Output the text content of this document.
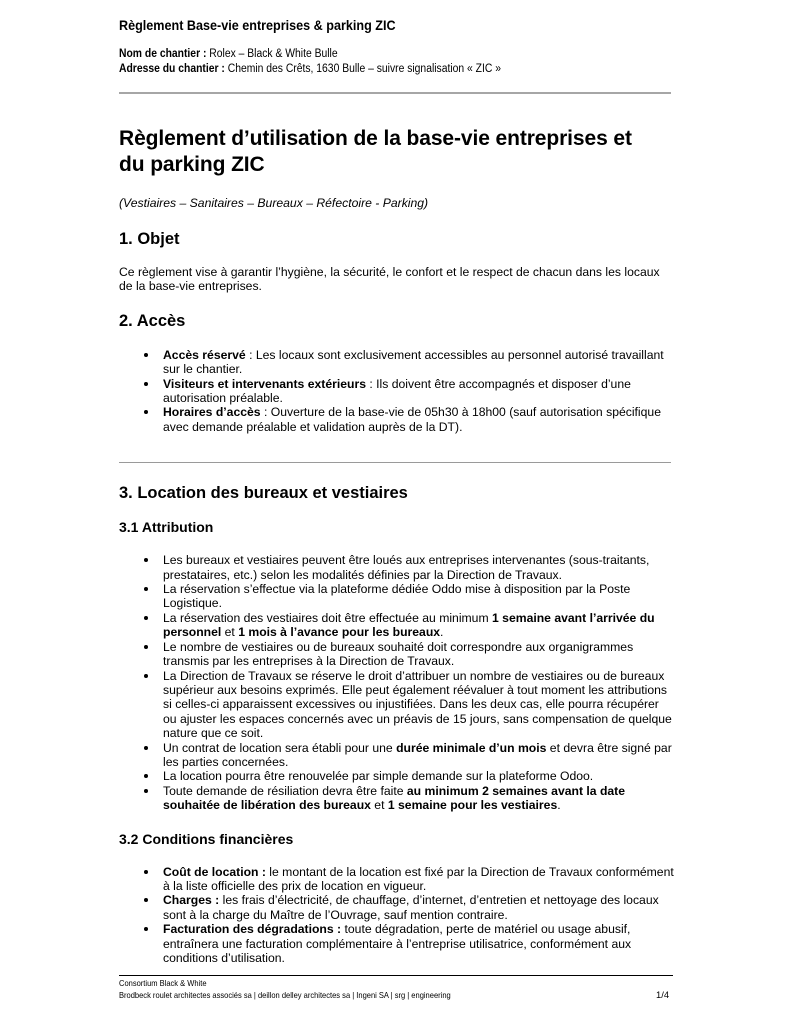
Règlement Base-vie entreprises & parking ZIC
Nom de chantier : Rolex – Black & White Bulle
Adresse du chantier : Chemin des Crêts, 1630 Bulle – suivre signalisation « ZIC »
Règlement d’utilisation de la base-vie entreprises et
du parking ZIC

(Vestiaires – Sanitaires – Bureaux – Réfectoire - Parking)

1. Objet

Ce règlement vise à garantir l’hygiène, la sécurité, le confort et le respect de chacun dans les locaux de la base-vie entreprises.

2. Accès
Accès réservé : Les locaux sont exclusivement accessibles au personnel autorisé travaillant sur le chantier.
Visiteurs et intervenants extérieurs : Ils doivent être accompagnés et disposer d’une autorisation préalable.
Horaires d’accès : Ouverture de la base-vie de 05h30 à 18h00 (sauf autorisation spécifique avec demande préalable et validation auprès de la DT).
3. Location des bureaux et vestiaires
3.1 Attribution
Les bureaux et vestiaires peuvent être loués aux entreprises intervenantes (sous-traitants, prestataires, etc.) selon les modalités définies par la Direction de Travaux.
La réservation s’effectue via la plateforme dédiée Oddo mise à disposition par la Poste Logistique.
La réservation des vestiaires doit être effectuée au minimum 1 semaine avant l’arrivée du personnel et 1 mois à l’avance pour les bureaux.
Le nombre de vestiaires ou de bureaux souhaité doit correspondre aux organigrammes transmis par les entreprises à la Direction de Travaux.
La Direction de Travaux se réserve le droit d’attribuer un nombre de vestiaires ou de bureaux supérieur aux besoins exprimés. Elle peut également réévaluer à tout moment les attributions si celles-ci apparaissent excessives ou injustifiées. Dans les deux cas, elle pourra récupérer ou ajuster les espaces concernés avec un préavis de 15 jours, sans compensation de quelque nature que ce soit.
Un contrat de location sera établi pour une durée minimale d’un mois et devra être signé par les parties concernées.
La location pourra être renouvelée par simple demande sur la plateforme Odoo.
Toute demande de résiliation devra être faite au minimum 2 semaines avant la date souhaitée de libération des bureaux et 1 semaine pour les vestiaires.
3.2 Conditions financières
Coût de location : le montant de la location est fixé par la Direction de Travaux conformément à la liste officielle des prix de location en vigueur.
Charges : les frais d’électricité, de chauffage, d’internet, d’entretien et nettoyage des locaux sont à la charge du Maître de l’Ouvrage, sauf mention contraire.
Facturation des dégradations : toute dégradation, perte de matériel ou usage abusif, entraînera une facturation complémentaire à l’entreprise utilisatrice, conformément aux conditions d’utilisation.
Consortium Black & White
Brodbeck roulet architectes associés sa | deillon delley architectes sa | Ingeni SA | srg | engineering	1/4
